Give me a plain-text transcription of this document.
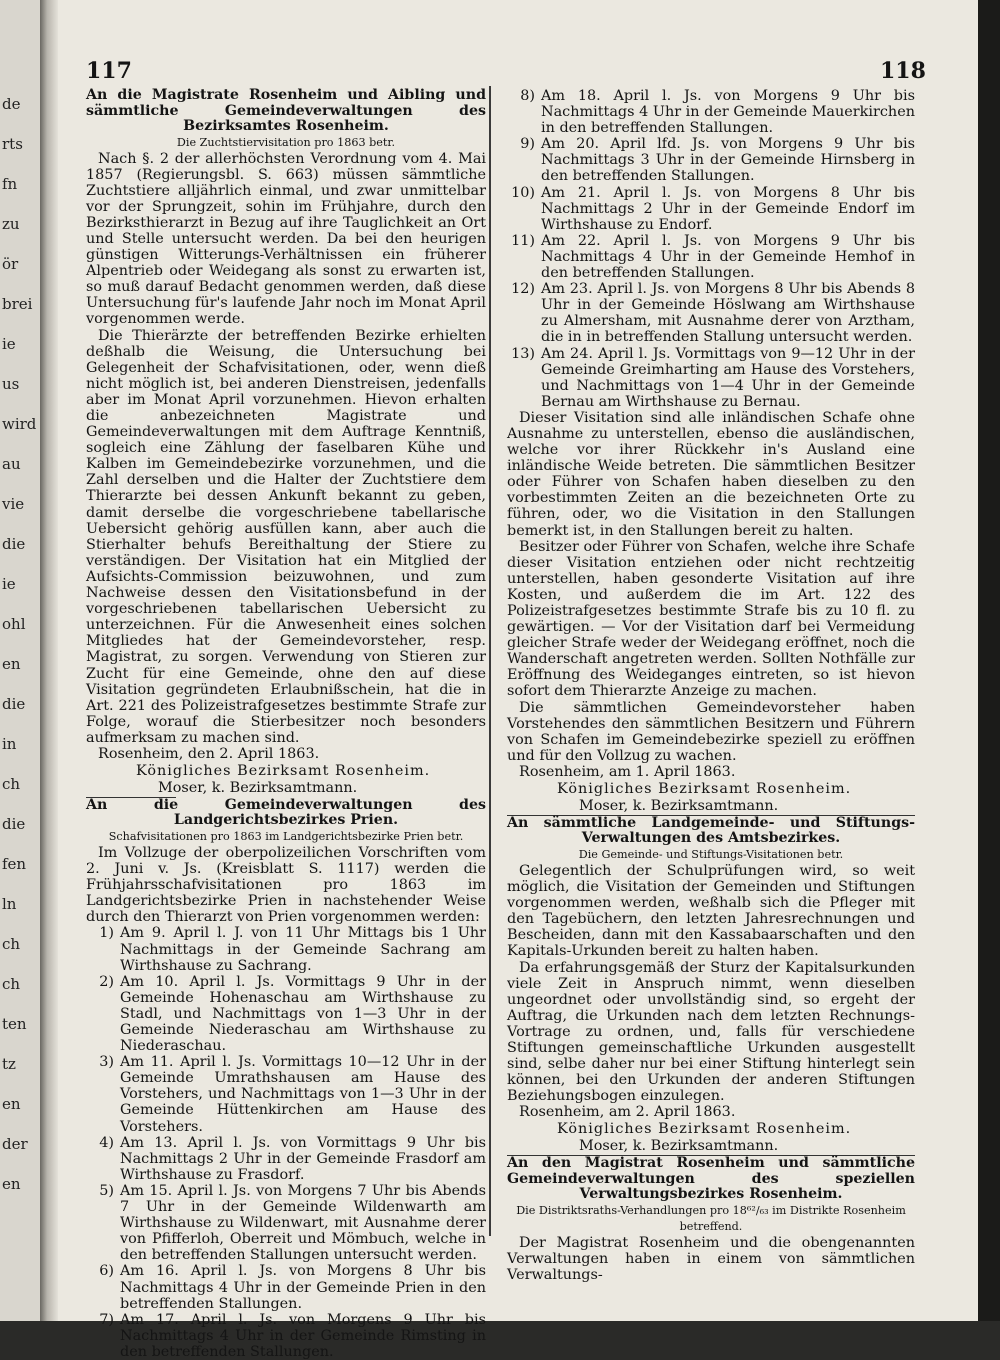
de
rts
fn
zu
ör
brei
ie
us
wird
au
vie
die
ie
ohl
en
die
in
ch
die
fen
ln
ch
ch
ten
tz
en
der
en
117	118
An die Magistrate Rosenheim und Aibling und sämmtliche Gemeindeverwaltungen des Bezirksamtes Rosenheim.
Die Zuchtstiervisitation pro 1863 betr.

Nach §. 2 der allerhöchsten Verordnung vom 4. Mai 1857 (Regierungsbl. S. 663) müssen sämmtliche Zuchtstiere alljährlich einmal, und zwar unmittelbar vor der Sprungzeit, sohin im Frühjahre, durch den Bezirksthierarzt in Bezug auf ihre Tauglichkeit an Ort und Stelle untersucht werden. Da bei den heurigen günstigen Witterungs-Verhältnissen ein früherer Alpentrieb oder Weidegang als sonst zu erwarten ist, so muß darauf Bedacht genommen werden, daß diese Untersuchung für's laufende Jahr noch im Monat April vorgenommen werde.

Die Thierärzte der betreffenden Bezirke erhielten deßhalb die Weisung, die Untersuchung bei Gelegenheit der Schafvisitationen, oder, wenn dieß nicht möglich ist, bei anderen Dienstreisen, jedenfalls aber im Monat April vorzunehmen. Hievon erhalten die anbezeichneten Magistrate und Gemeindeverwaltungen mit dem Auftrage Kenntniß, sogleich eine Zählung der faselbaren Kühe und Kalben im Gemeindebezirke vorzunehmen, und die Zahl derselben und die Halter der Zuchtstiere dem Thierarzte bei dessen Ankunft bekannt zu geben, damit derselbe die vorgeschriebene tabellarische Uebersicht gehörig ausfüllen kann, aber auch die Stierhalter behufs Bereithaltung der Stiere zu verständigen. Der Visitation hat ein Mitglied der Aufsichts-Commission beizuwohnen, und zum Nachweise dessen den Visitationsbefund in der vorgeschriebenen tabellarischen Uebersicht zu unterzeichnen. Für die Anwesenheit eines solchen Mitgliedes hat der Gemeindevorsteher, resp. Magistrat, zu sorgen. Verwendung von Stieren zur Zucht für eine Gemeinde, ohne den auf diese Visitation gegründeten Erlaubnißschein, hat die in Art. 221 des Polizeistrafgesetzes bestimmte Strafe zur Folge, worauf die Stierbesitzer noch besonders aufmerksam zu machen sind.

Rosenheim, den 2. April 1863.
Königliches Bezirksamt Rosenheim.
Moser, k. Bezirksamtmann.
An die Gemeindeverwaltungen des Landgerichtsbezirkes Prien.
Schafvisitationen pro 1863 im Landgerichtsbezirke Prien betr.

Im Vollzuge der oberpolizeilichen Vorschriften vom 2. Juni v. Js. (Kreisblatt S. 1117) werden die Frühjahrsschafvisitationen pro 1863 im Landgerichtsbezirke Prien in nachstehender Weise durch den Thierarzt von Prien vorgenommen werden:

1) Am 9. April l. J. von 11 Uhr Mittags bis 1 Uhr Nachmittags in der Gemeinde Sachrang am Wirthshause zu Sachrang.
2) Am 10. April l. Js. Vormittags 9 Uhr in der Gemeinde Hohenaschau am Wirthshause zu Stadl, und Nachmittags von 1—3 Uhr in der Gemeinde Niederaschau am Wirthshause zu Niederaschau.
3) Am 11. April l. Js. Vormittags 10—12 Uhr in der Gemeinde Umrathshausen am Hause des Vorstehers, und Nachmittags von 1—3 Uhr in der Gemeinde Hüttenkirchen am Hause des Vorstehers.
4) Am 13. April l. Js. von Vormittags 9 Uhr bis Nachmittags 2 Uhr in der Gemeinde Frasdorf am Wirthshause zu Frasdorf.
5) Am 15. April l. Js. von Morgens 7 Uhr bis Abends 7 Uhr in der Gemeinde Wildenwarth am Wirthshause zu Wildenwart, mit Ausnahme derer von Pfifferloh, Oberreit und Mömbuch, welche in den betreffenden Stallungen untersucht werden.
6) Am 16. April l. Js. von Morgens 8 Uhr bis Nachmittags 4 Uhr in der Gemeinde Prien in den betreffenden Stallungen.
7) Am 17. April l. Js. von Morgens 9 Uhr bis Nachmittags 4 Uhr in der Gemeinde Rimsting in den betreffenden Stallungen.
8) Am 18. April l. Js. von Morgens 9 Uhr bis Nachmittags 4 Uhr in der Gemeinde Mauerkirchen in den betreffenden Stallungen.
9) Am 20. April lfd. Js. von Morgens 9 Uhr bis Nachmittags 3 Uhr in der Gemeinde Hirnsberg in den betreffenden Stallungen.
10) Am 21. April l. Js. von Morgens 8 Uhr bis Nachmittags 2 Uhr in der Gemeinde Endorf im Wirthshause zu Endorf.
11) Am 22. April l. Js. von Morgens 9 Uhr bis Nachmittags 4 Uhr in der Gemeinde Hemhof in den betreffenden Stallungen.
12) Am 23. April l. Js. von Morgens 8 Uhr bis Abends 8 Uhr in der Gemeinde Höslwang am Wirthshause zu Almersham, mit Ausnahme derer von Arztham, die in in betreffenden Stallung untersucht werden.
13) Am 24. April l. Js. Vormittags von 9—12 Uhr in der Gemeinde Greimharting am Hause des Vorstehers, und Nachmittags von 1—4 Uhr in der Gemeinde Bernau am Wirthshause zu Bernau.

Dieser Visitation sind alle inländischen Schafe ohne Ausnahme zu unterstellen, ebenso die ausländischen, welche vor ihrer Rückkehr in's Ausland eine inländische Weide betreten. Die sämmtlichen Besitzer oder Führer von Schafen haben dieselben zu den vorbestimmten Zeiten an die bezeichneten Orte zu führen, oder, wo die Visitation in den Stallungen bemerkt ist, in den Stallungen bereit zu halten.

Besitzer oder Führer von Schafen, welche ihre Schafe dieser Visitation entziehen oder nicht rechtzeitig unterstellen, haben gesonderte Visitation auf ihre Kosten, und außerdem die im Art. 122 des Polizeistrafgesetzes bestimmte Strafe bis zu 10 fl. zu gewärtigen. — Vor der Visitation darf bei Vermeidung gleicher Strafe weder der Weidegang eröffnet, noch die Wanderschaft angetreten werden. Sollten Nothfälle zur Eröffnung des Weideganges eintreten, so ist hievon sofort dem Thierarzte Anzeige zu machen.

Die sämmtlichen Gemeindevorsteher haben Vorstehendes den sämmtlichen Besitzern und Führern von Schafen im Gemeindebezirke speziell zu eröffnen und für den Vollzug zu wachen.

Rosenheim, am 1. April 1863.
Königliches Bezirksamt Rosenheim.
Moser, k. Bezirksamtmann.
An sämmtliche Landgemeinde- und Stiftungs-Verwaltungen des Amtsbezirkes.
Die Gemeinde- und Stiftungs-Visitationen betr.

Gelegentlich der Schulprüfungen wird, so weit möglich, die Visitation der Gemeinden und Stiftungen vorgenommen werden, weßhalb sich die Pfleger mit den Tagebüchern, den letzten Jahresrechnungen und Bescheiden, dann mit den Kassabaarschaften und den Kapitals-Urkunden bereit zu halten haben.

Da erfahrungsgemäß der Sturz der Kapitalsurkunden viele Zeit in Anspruch nimmt, wenn dieselben ungeordnet oder unvollständig sind, so ergeht der Auftrag, die Urkunden nach dem letzten Rechnungs-Vortrage zu ordnen, und, falls für verschiedene Stiftungen gemeinschaftliche Urkunden ausgestellt sind, selbe daher nur bei einer Stiftung hinterlegt sein können, bei den Urkunden der anderen Stiftungen Beziehungsbogen einzulegen.

Rosenheim, am 2. April 1863.
Königliches Bezirksamt Rosenheim.
Moser, k. Bezirksamtmann.
An den Magistrat Rosenheim und sämmtliche Gemeindeverwaltungen des speziellen Verwaltungsbezirkes Rosenheim.
Die Distriktsraths-Verhandlungen pro 18⁶²/₆₃ im Distrikte Rosenheim betreffend.

Der Magistrat Rosenheim und die obengenannten Verwaltungen haben in einem von sämmtlichen Verwaltungs-
